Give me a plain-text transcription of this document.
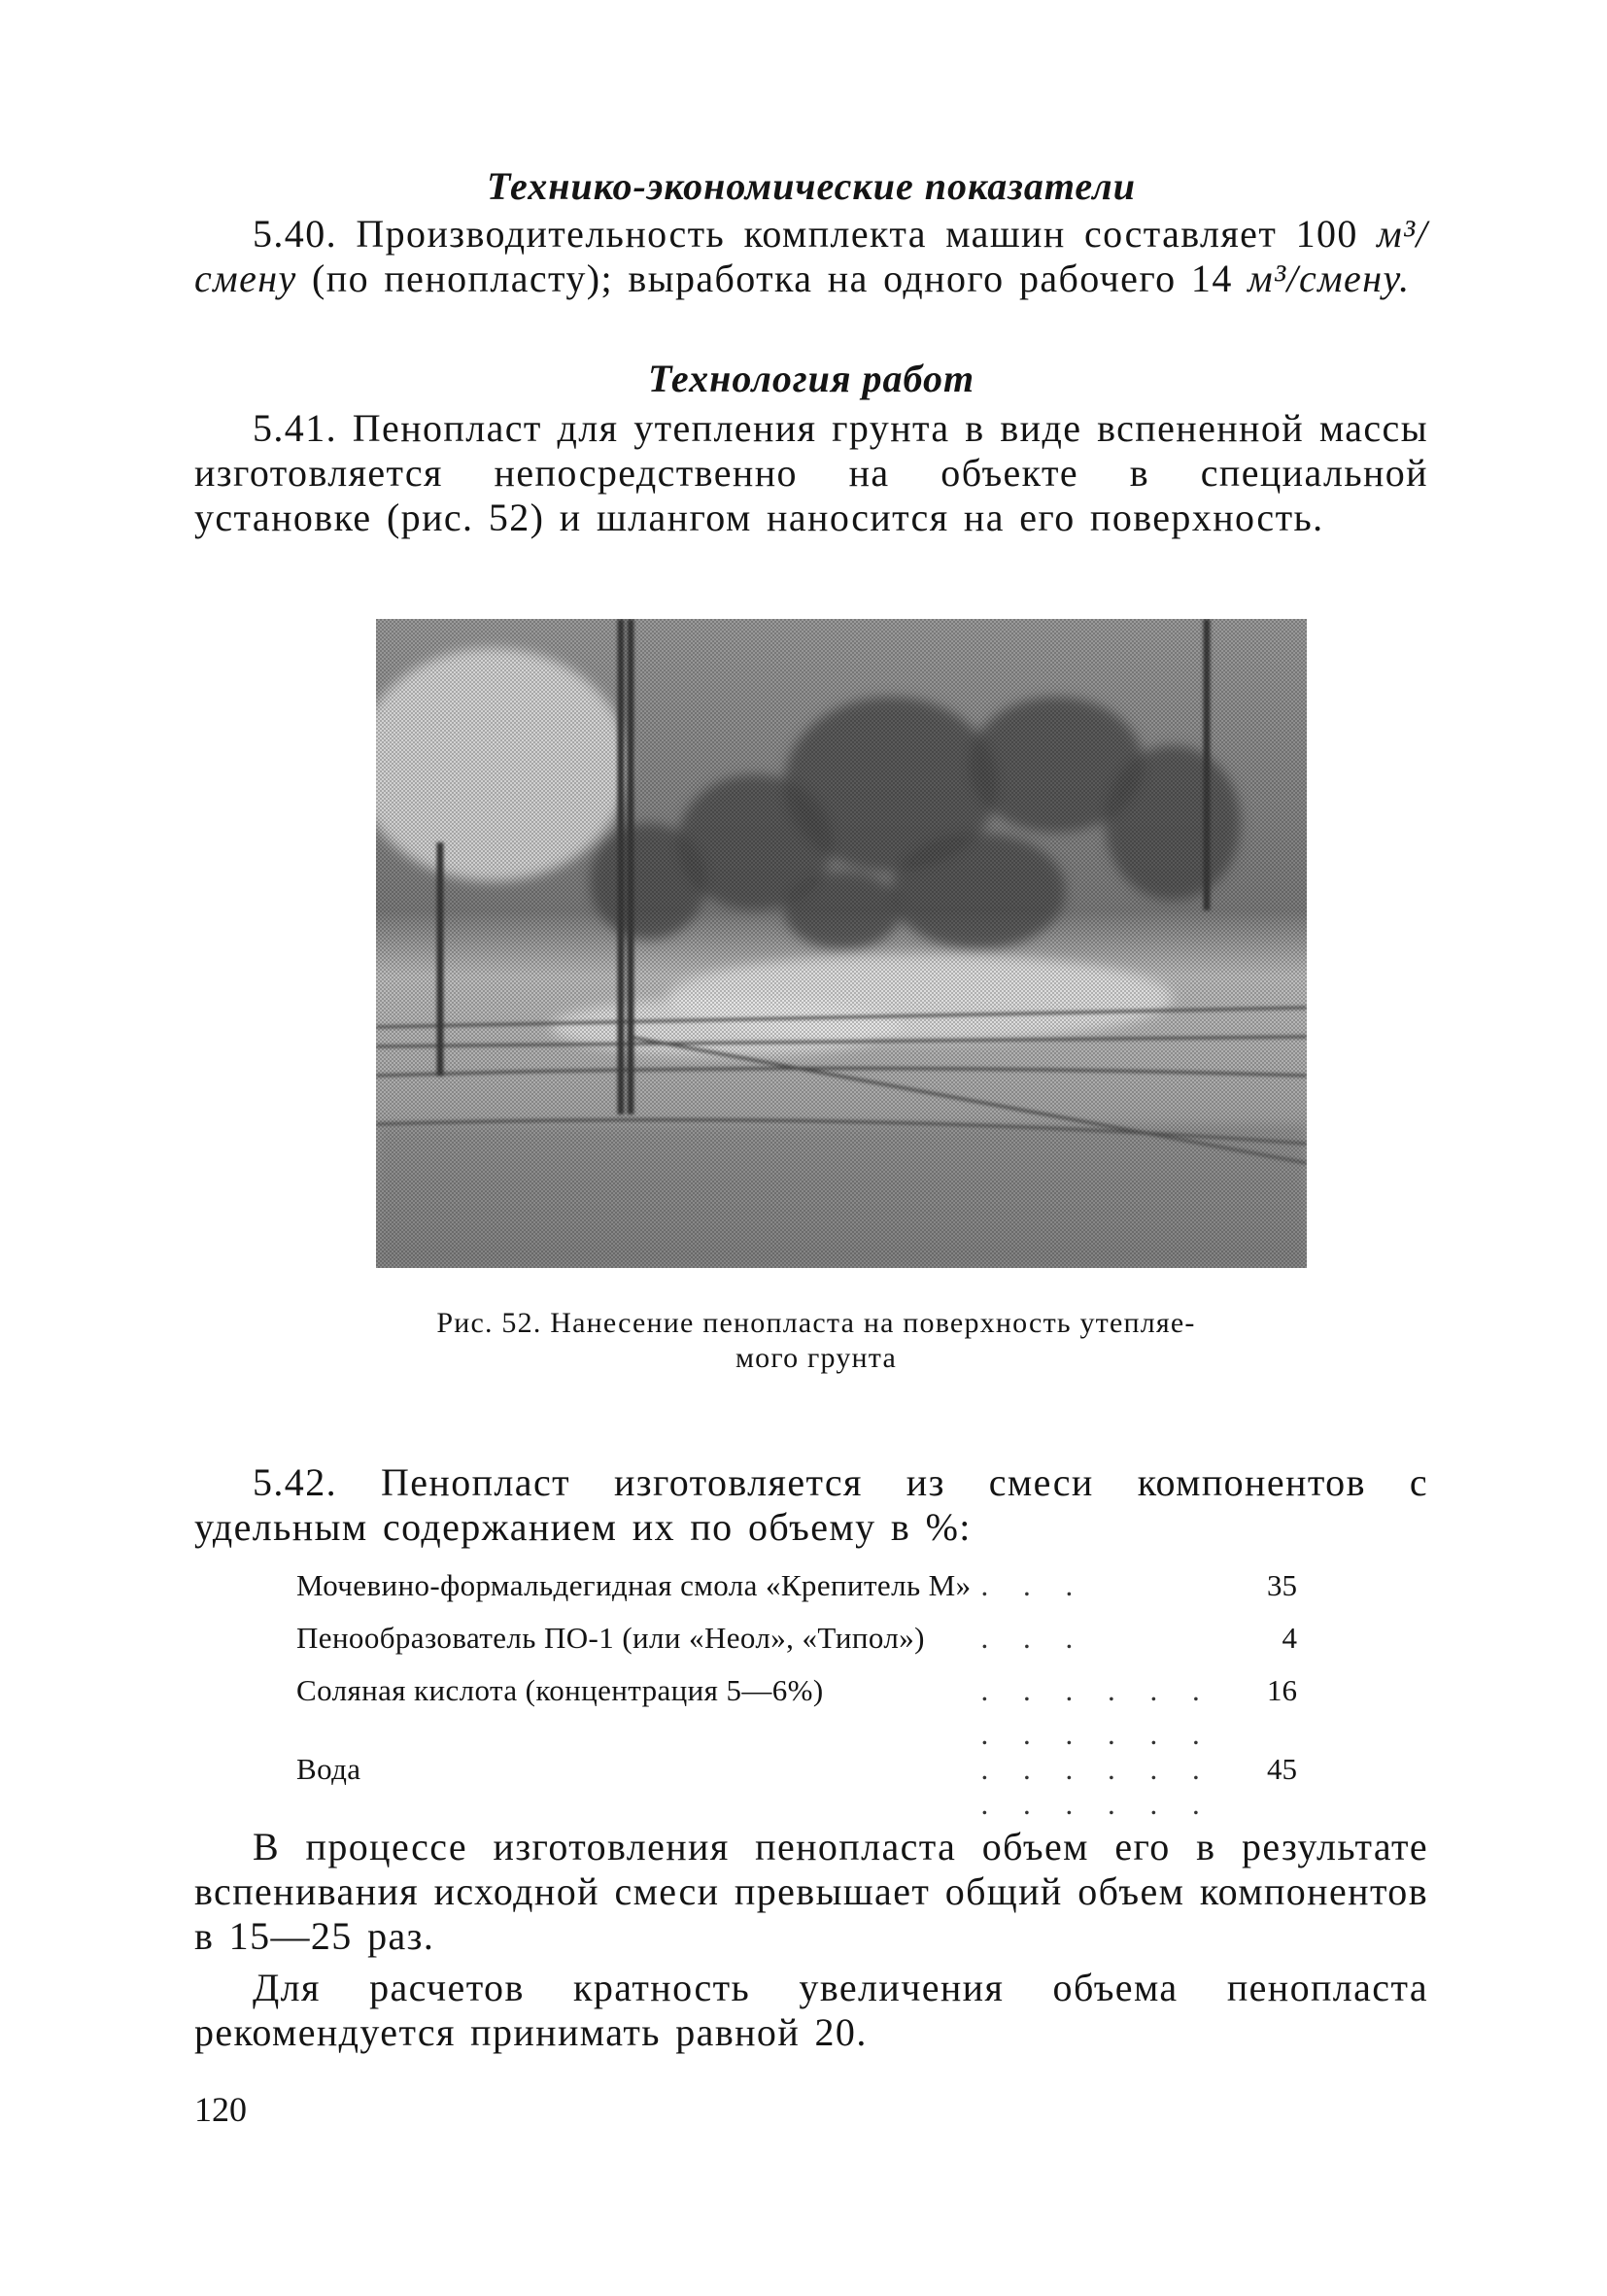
Технико-экономические показатели

5.40. Производительность комплекта машин составляет 100 м³/смену (по пенопласту); выработка на одного рабочего 14 м³/смену.

Технология работ

5.41. Пенопласт для утепления грунта в виде вспененной массы изготовляется непосредственно на объекте в специальной установке (рис. 52) и шлангом наносится на его поверхность.

Рис. 52. Нанесение пенопласта на поверхность утепляе-
мого грунта

5.42. Пенопласт изготовляется из смеси компонентов с удельным содержанием их по объему в %:

Мочевино-формальдегидная смола «Крепитель М»	. . .	35
Пенообразователь ПО-1 (или «Неол», «Типол»)	. . .	4
Соляная кислота (концентрация 5—6%)	. . . . . .	16
Вода	. . . . . . . . . . . . . . . . . .	45

В процессе изготовления пенопласта объем его в результате вспенивания исходной смеси превышает общий объем компонентов в 15—25 раз.

Для расчетов кратность увеличения объема пенопласта рекомендуется принимать равной 20.

120
